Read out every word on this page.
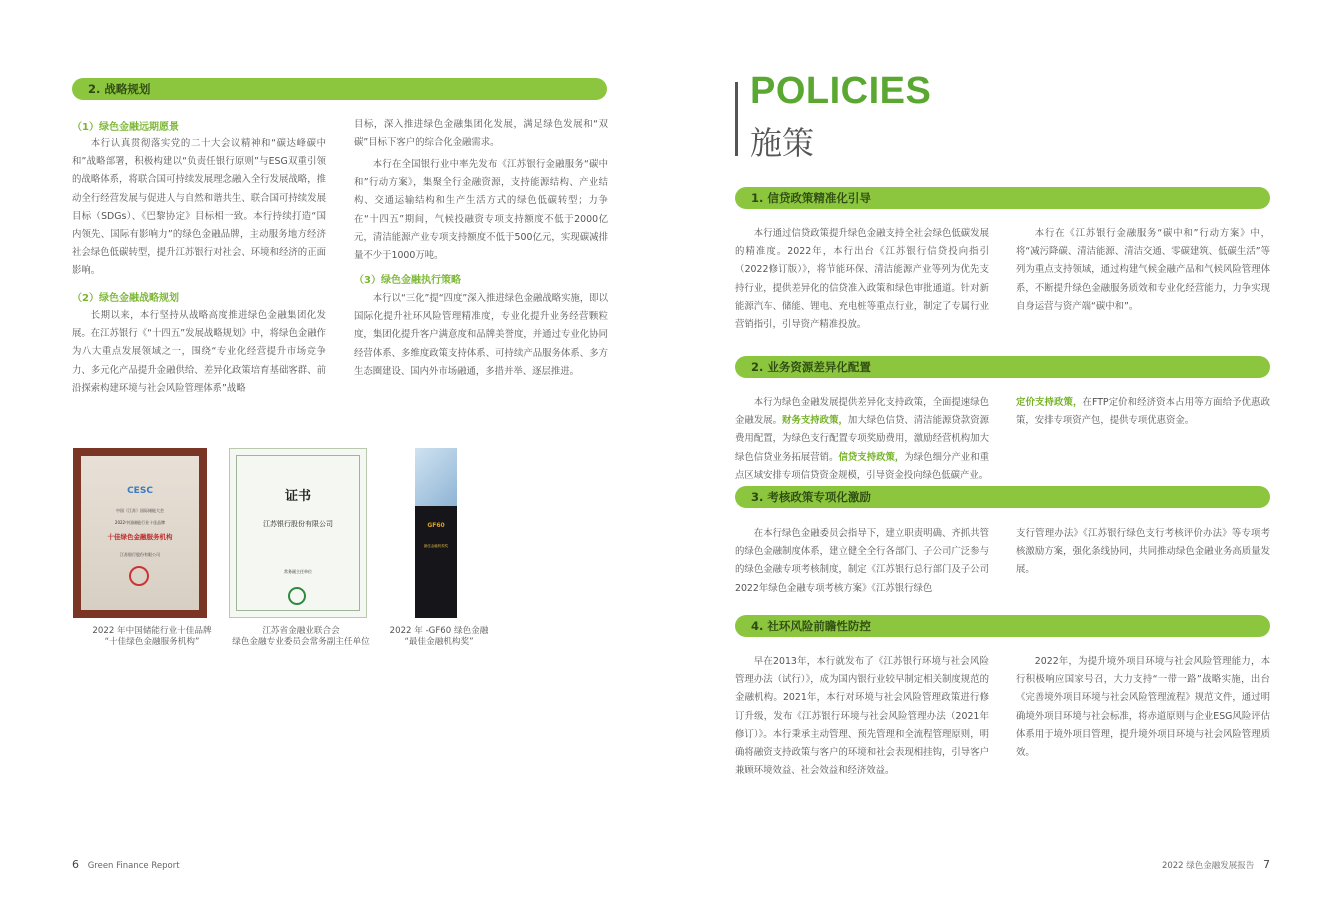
2. 战略规划
（1）绿色金融远期愿景

本行认真贯彻落实党的二十大会议精神和“碳达峰碳中和”战略部署，积极构建以“负责任银行原则”与ESG双重引领的战略体系，将联合国可持续发展理念融入全行发展战略，推动全行经营发展与促进人与自然和谐共生、联合国可持续发展目标（SDGs）、《巴黎协定》目标相一致。本行持续打造“国内领先、国际有影响力”的绿色金融品牌，主动服务地方经济社会绿色低碳转型，提升江苏银行对社会、环境和经济的正面影响。

（2）绿色金融战略规划

长期以来，本行坚持从战略高度推进绿色金融集团化发展。在江苏银行《“十四五”发展战略规划》中，将绿色金融作为八大重点发展领域之一，围绕“专业化经营提升市场竞争力、多元化产品提升金融供给、差异化政策培育基础客群、前沿探索构建环境与社会风险管理体系”战略

目标，深入推进绿色金融集团化发展，满足绿色发展和“双碳”目标下客户的综合化金融需求。

本行在全国银行业中率先发布《江苏银行金融服务“碳中和”行动方案》，集聚全行金融资源，支持能源结构、产业结构、交通运输结构和生产生活方式的绿色低碳转型；力争在“十四五”期间，气候投融资专项支持额度不低于2000亿元，清洁能源产业专项支持额度不低于500亿元，实现碳减排量不少于1000万吨。

（3）绿色金融执行策略

本行以“三化”提“四度”深入推进绿色金融战略实施，即以国际化提升社环风险管理精准度，专业化提升业务经营颗粒度，集团化提升客户满意度和品牌美誉度，并通过专业化协同经营体系、多维度政策支持体系、可持续产品服务体系、多方生态圈建设、国内外市场融通，多措并举、逐层推进。

CESC
中国（江苏）国际储能大会
2022中国储能行业十佳品牌
十佳绿色金融服务机构
江苏银行股份有限公司
证书
江苏银行股份有限公司
常务副主任单位
GF60
最佳金融机构奖
2022 年中国储能行业十佳品牌
“十佳绿色金融服务机构”
江苏省金融业联合会
绿色金融专业委员会常务副主任单位
2022 年 -GF60 绿色金融
“最佳金融机构奖”
6 Green Finance Report
POLICIES
施策
1. 信贷政策精准化引导

本行通过信贷政策提升绿色金融支持全社会绿色低碳发展的精准度。2022年，本行出台《江苏银行信贷投向指引（2022修订版）》，将节能环保、清洁能源产业等列为优先支持行业，提供差异化的信贷准入政策和绿色审批通道。针对新能源汽车、储能、锂电、充电桩等重点行业，制定了专属行业营销指引，引导资产精准投放。

本行在《江苏银行金融服务“碳中和”行动方案》中，将“减污降碳、清洁能源、清洁交通、零碳建筑、低碳生活”等列为重点支持领域，通过构建气候金融产品和气候风险管理体系，不断提升绿色金融服务质效和专业化经营能力，力争实现自身运营与资产端“碳中和”。

2. 业务资源差异化配置

本行为绿色金融发展提供差异化支持政策，全面提速绿色金融发展。财务支持政策，加大绿色信贷、清洁能源贷款资源费用配置，为绿色支行配置专项奖励费用，激励经营机构加大绿色信贷业务拓展营销。信贷支持政策，为绿色细分产业和重点区域安排专项信贷资金规模，引导资金投向绿色低碳产业。

定价支持政策，在FTP定价和经济资本占用等方面给予优惠政策，安排专项资产包，提供专项优惠资金。

3. 考核政策专项化激励

在本行绿色金融委员会指导下，建立职责明确、齐抓共管的绿色金融制度体系，建立健全全行各部门、子公司广泛参与的绿色金融专项考核制度，制定《江苏银行总行部门及子公司2022年绿色金融专项考核方案》《江苏银行绿色

支行管理办法》《江苏银行绿色支行考核评价办法》等专项考核激励方案，强化条线协同，共同推动绿色金融业务高质量发展。

4. 社环风险前瞻性防控

早在2013年，本行就发布了《江苏银行环境与社会风险管理办法（试行）》，成为国内银行业较早制定相关制度规范的金融机构。2021年，本行对环境与社会风险管理政策进行修订升级，发布《江苏银行环境与社会风险管理办法（2021年修订）》。本行秉承主动管理、预先管理和全流程管理原则，明确将融资支持政策与客户的环境和社会表现相挂钩，引导客户兼顾环境效益、社会效益和经济效益。

2022年，为提升境外项目环境与社会风险管理能力，本行积极响应国家号召，大力支持“一带一路”战略实施，出台《完善境外项目环境与社会风险管理流程》规范文件，通过明确境外项目环境与社会标准，将赤道原则与企业ESG风险评估体系用于境外项目管理，提升境外项目环境与社会风险管理质效。

2022 绿色金融发展报告 7
